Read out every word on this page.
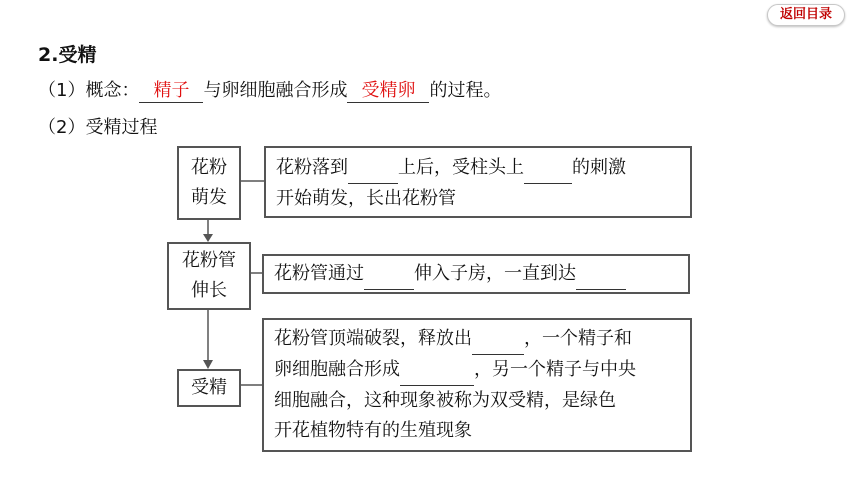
返回目录
2.受精
（1）概念： 精子 与卵细胞融合形成 受精卵 的过程。
（2）受精过程
花粉
萌发
花粉落到	上后，受柱头上	的刺激
开始萌发，长出花粉管
花粉管
伸长
花粉管通过	伸入子房，一直到达
受精
花粉管顶端破裂，释放出	，一个精子和
卵细胞融合形成	，另一个精子与中央
细胞融合，这种现象被称为双受精，是绿色
开花植物特有的生殖现象
